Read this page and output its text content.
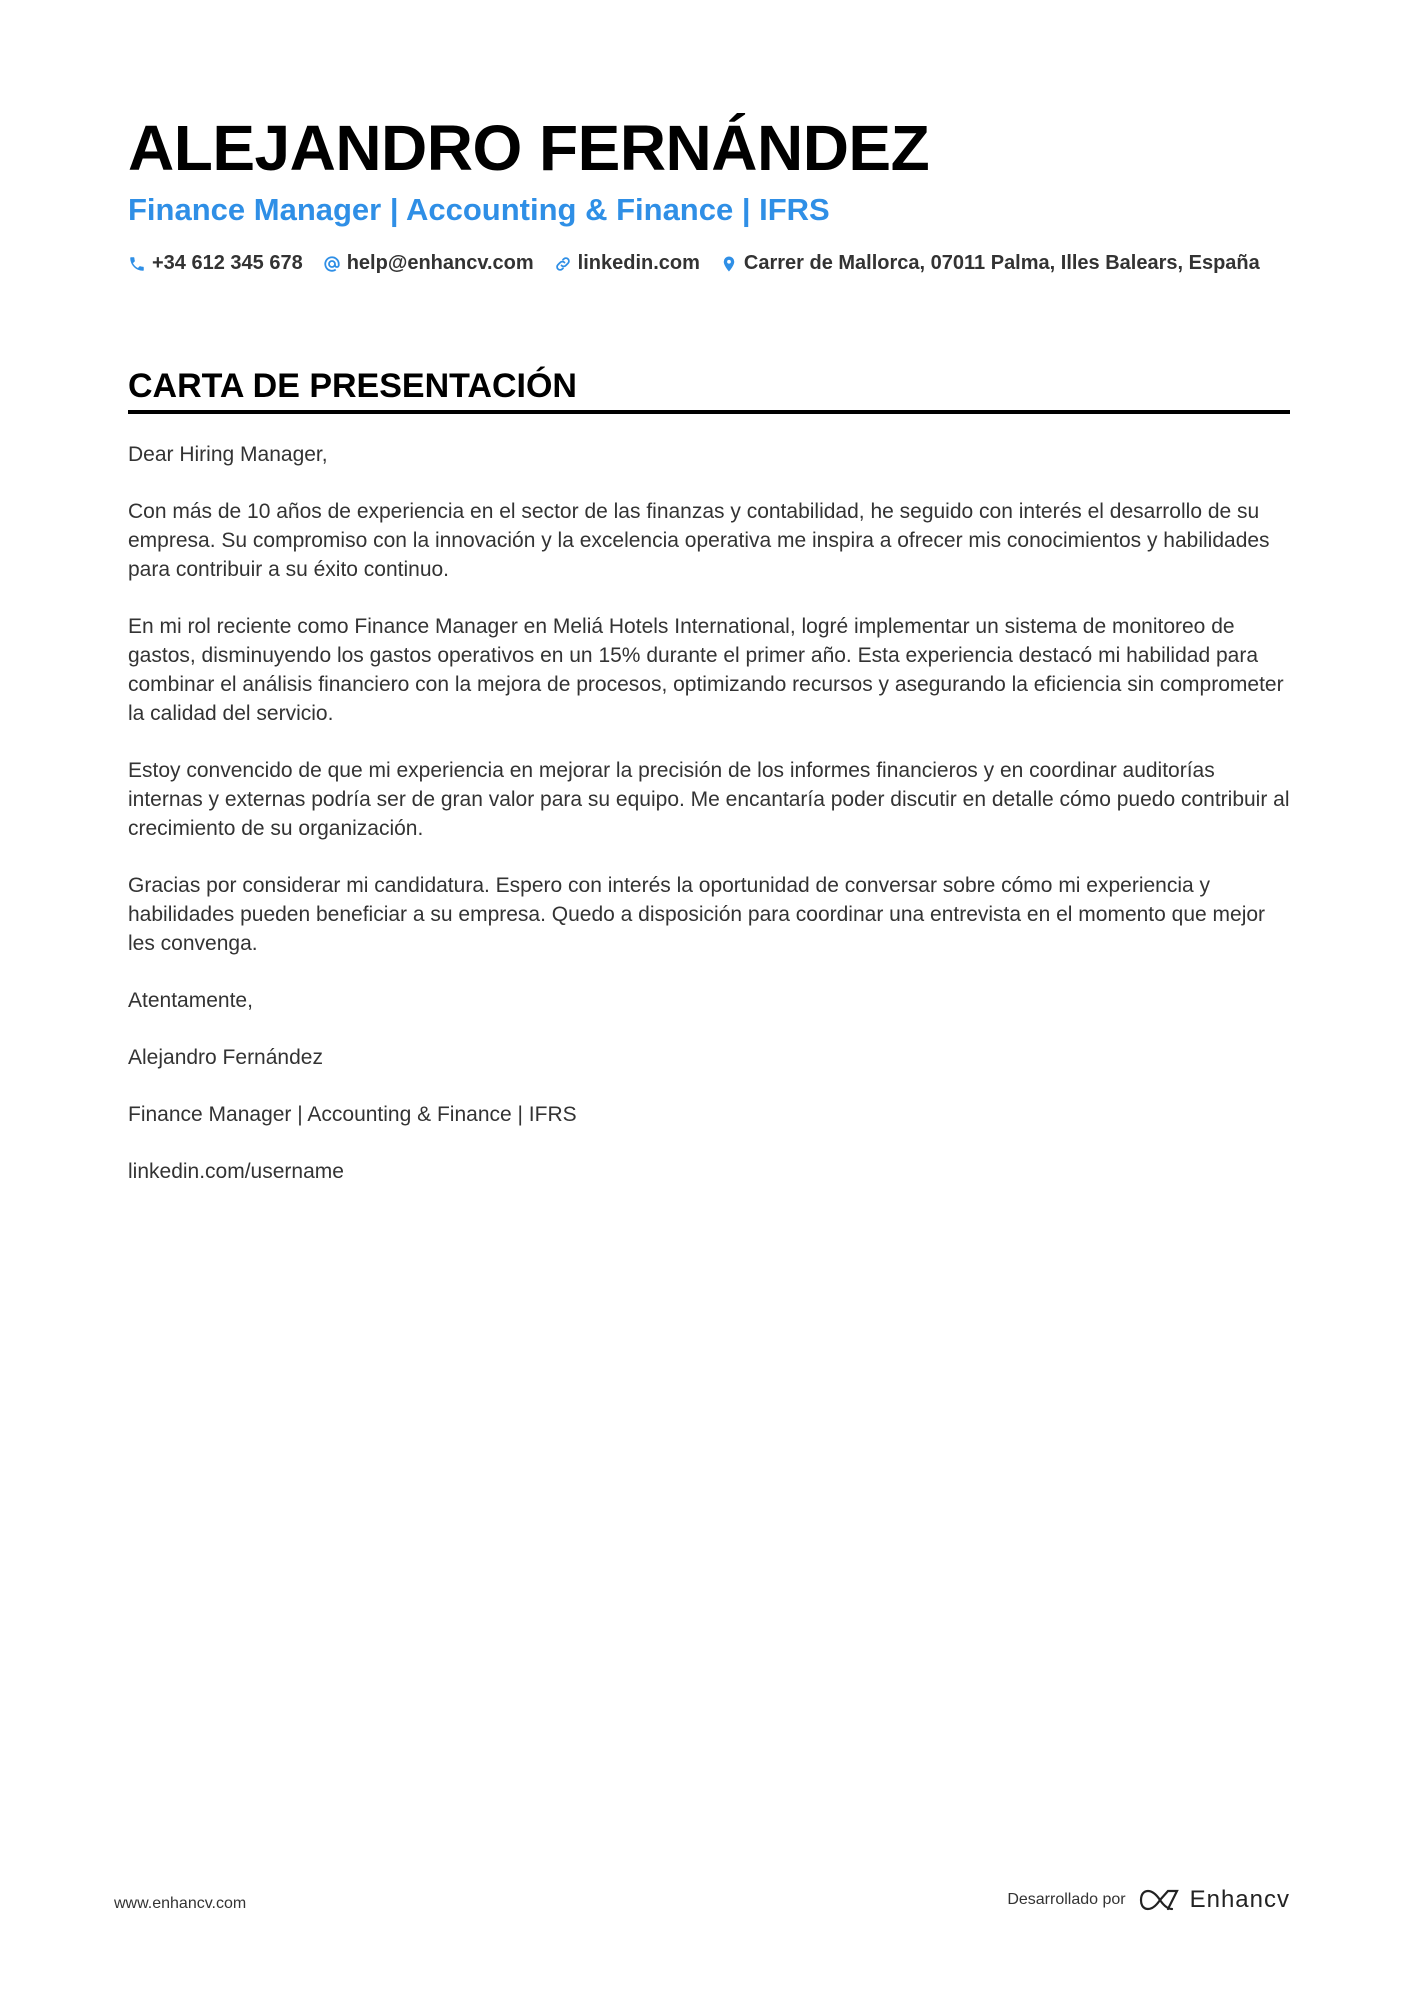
ALEJANDRO FERNÁNDEZ
Finance Manager | Accounting & Finance | IFRS
+34 612 345 678 help@enhancv.com linkedin.com Carrer de Mallorca, 07011 Palma, Illes Balears, España
CARTA DE PRESENTACIÓN

Dear Hiring Manager,

Con más de 10 años de experiencia en el sector de las finanzas y contabilidad, he seguido con interés el desarrollo de su empresa. Su compromiso con la innovación y la excelencia operativa me inspira a ofrecer mis conocimientos y habilidades para contribuir a su éxito continuo.

En mi rol reciente como Finance Manager en Meliá Hotels International, logré implementar un sistema de monitoreo de gastos, disminuyendo los gastos operativos en un 15% durante el primer año. Esta experiencia destacó mi habilidad para combinar el análisis financiero con la mejora de procesos, optimizando recursos y asegurando la eficiencia sin comprometer la calidad del servicio.

Estoy convencido de que mi experiencia en mejorar la precisión de los informes financieros y en coordinar auditorías internas y externas podría ser de gran valor para su equipo. Me encantaría poder discutir en detalle cómo puedo contribuir al crecimiento de su organización.

Gracias por considerar mi candidatura. Espero con interés la oportunidad de conversar sobre cómo mi experiencia y habilidades pueden beneficiar a su empresa. Quedo a disposición para coordinar una entrevista en el momento que mejor les convenga.

Atentamente,

Alejandro Fernández

Finance Manager | Accounting & Finance | IFRS

linkedin.com/username

www.enhancv.com	Desarrollado por	Enhancv
